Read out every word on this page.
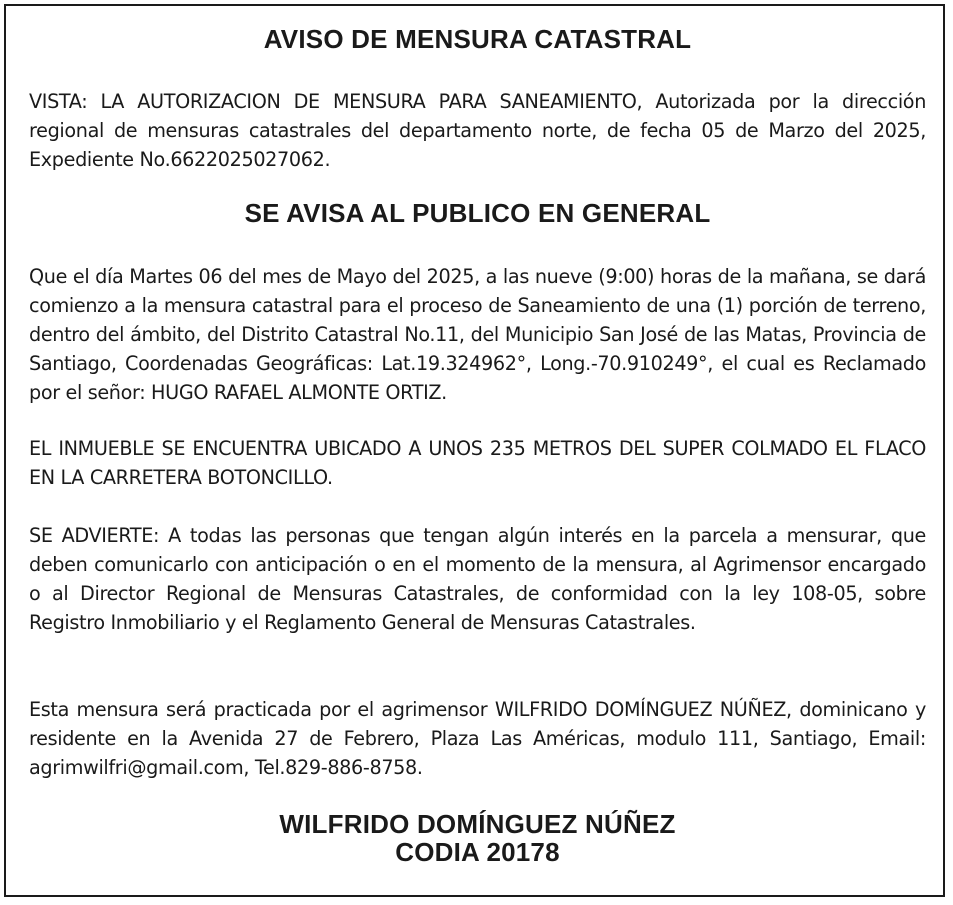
AVISO DE MENSURA CATASTRAL
VISTA: LA AUTORIZACION DE MENSURA PARA SANEAMIENTO, Autorizada por la dirección regional de mensuras catastrales del departamento norte, de fecha 05 de Marzo del 2025, Expediente No.6622025027062.
SE AVISA AL PUBLICO EN GENERAL
Que el día Martes 06 del mes de Mayo del 2025, a las nueve (9:00) horas de la mañana, se dará comienzo a la mensura catastral para el proceso de Saneamiento de una (1) porción de terreno, dentro del ámbito, del Distrito Catastral No.11, del Municipio San José de las Matas, Provincia de Santiago, Coordenadas Geográficas: Lat.19.324962°, Long.-70.910249°, el cual es Reclamado por el señor: HUGO RAFAEL ALMONTE ORTIZ.
EL INMUEBLE SE ENCUENTRA UBICADO A UNOS 235 METROS DEL SUPER COLMADO EL FLACO EN LA CARRETERA BOTONCILLO.
SE ADVIERTE: A todas las personas que tengan algún interés en la parcela a mensurar, que deben comunicarlo con anticipación o en el momento de la mensura, al Agrimensor encargado o al Director Regional de Mensuras Catastrales, de conformidad con la ley 108-05, sobre Registro Inmobiliario y el Reglamento General de Mensuras Catastrales.
Esta mensura será practicada por el agrimensor WILFRIDO DOMÍNGUEZ NÚÑEZ, dominicano y residente en la Avenida 27 de Febrero, Plaza Las Américas, modulo 111, Santiago, Email: agrimwilfri@gmail.com, Tel.829-886-8758.
WILFRIDO DOMÍNGUEZ NÚÑEZ
CODIA 20178
